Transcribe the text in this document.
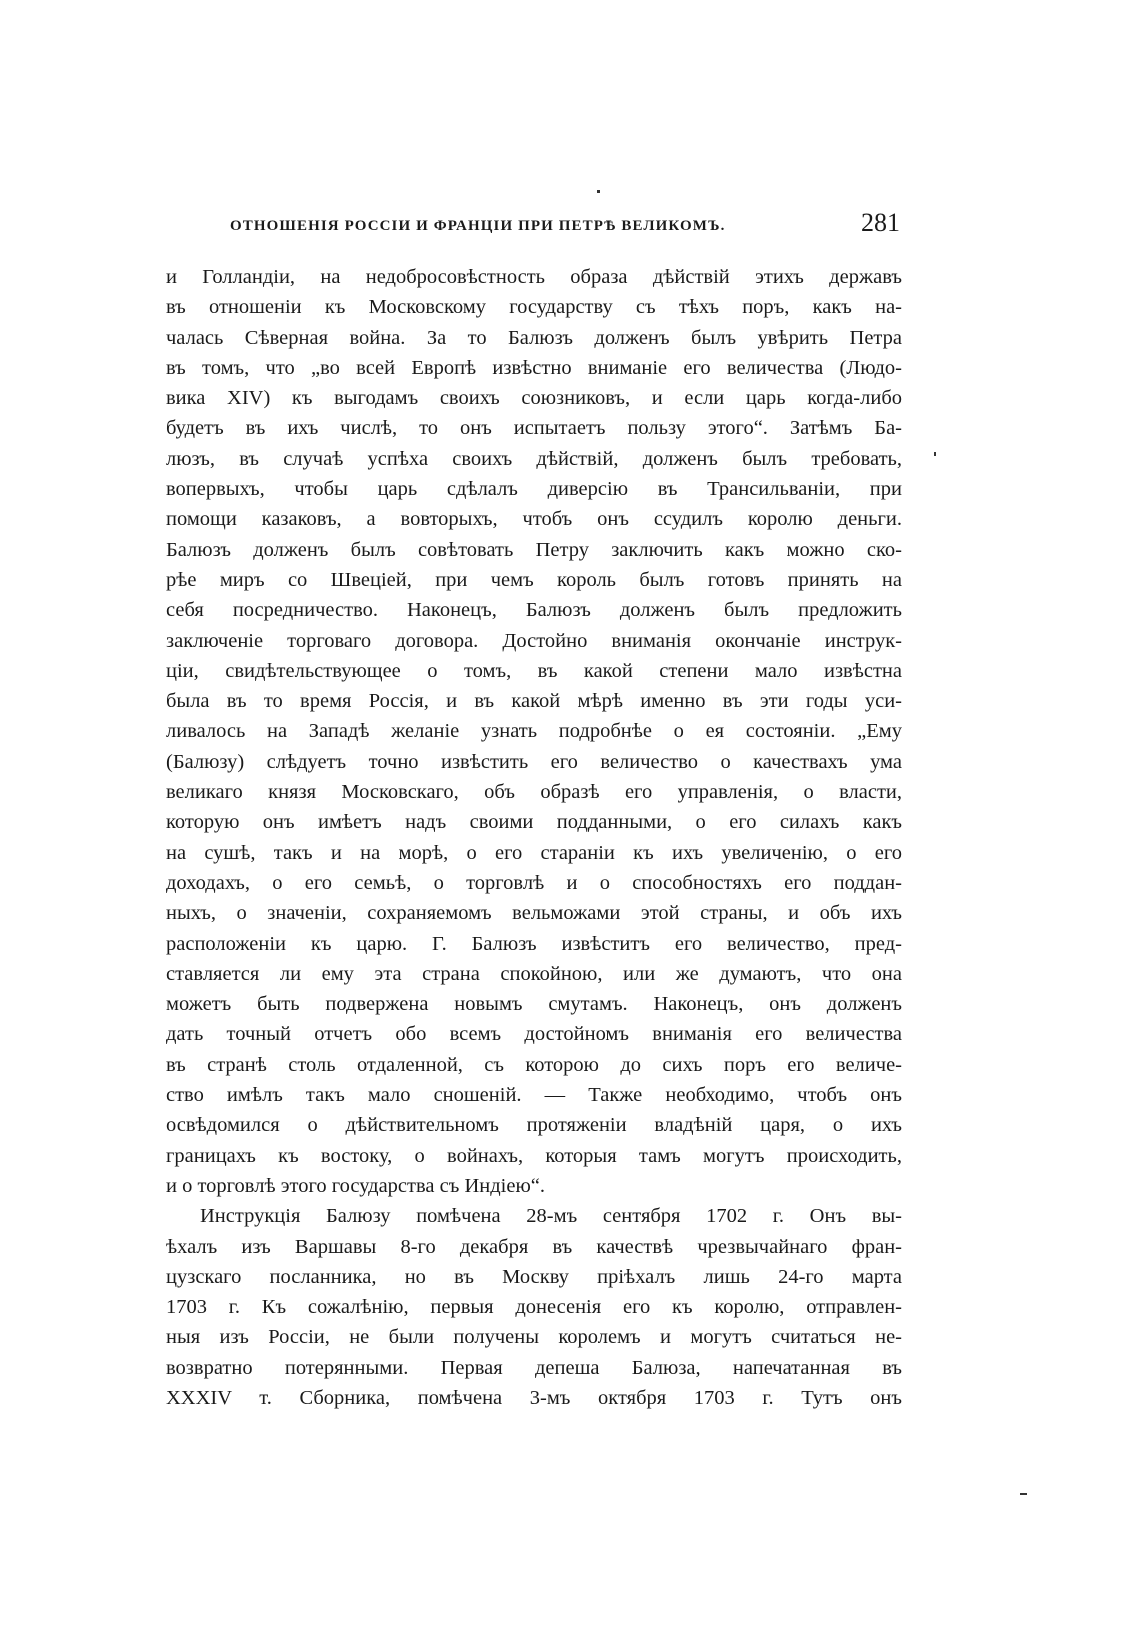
ОТНОШЕНІЯ РОССІИ И ФРАНЦІИ ПРИ ПЕТРѢ ВЕЛИКОМЪ.	281
и Голландіи, на недобросовѣстность образа дѣйствій этихъ державъ
въ отношеніи къ Московскому государству съ тѣхъ поръ, какъ на-
чалась Сѣверная война. За то Балюзъ долженъ былъ увѣрить Петра
въ томъ, что „во всей Европѣ извѣстно вниманіе его величества (Людо-
вика XIV) къ выгодамъ своихъ союзниковъ, и если царь когда-либо
будетъ въ ихъ числѣ, то онъ испытаетъ пользу этого“. Затѣмъ Ба-
люзъ, въ случаѣ успѣха своихъ дѣйствій, долженъ былъ требовать,
вопервыхъ, чтобы царь сдѣлалъ диверсію въ Трансильваніи, при
помощи казаковъ, а вовторыхъ, чтобъ онъ ссудилъ королю деньги.
Балюзъ долженъ былъ совѣтовать Петру заключить какъ можно ско-
рѣе миръ со Швеціей, при чемъ король былъ готовъ принять на
себя посредничество. Наконецъ, Балюзъ долженъ былъ предложить
заключеніе торговаго договора. Достойно вниманія окончаніе инструк-
ціи, свидѣтельствующее о томъ, въ какой степени мало извѣстна
была въ то время Россія, и въ какой мѣрѣ именно въ эти годы уси-
ливалось на Западѣ желаніе узнать подробнѣе о ея состояніи. „Ему
(Балюзу) слѣдуетъ точно извѣстить его величество о качествахъ ума
великаго князя Московскаго, объ образѣ его управленія, о власти,
которую онъ имѣетъ надъ своими подданными, о его силахъ какъ
на сушѣ, такъ и на морѣ, о его стараніи къ ихъ увеличенію, о его
доходахъ, о его семьѣ, о торговлѣ и о способностяхъ его поддан-
ныхъ, о значеніи, сохраняемомъ вельможами этой страны, и объ ихъ
расположеніи къ царю. Г. Балюзъ извѣститъ его величество, пред-
ставляется ли ему эта страна спокойною, или же думаютъ, что она
можетъ быть подвержена новымъ смутамъ. Наконецъ, онъ долженъ
дать точный отчетъ обо всемъ достойномъ вниманія его величества
въ странѣ столь отдаленной, съ которою до сихъ поръ его величе-
ство имѣлъ такъ мало сношеній. — Также необходимо, чтобъ онъ
освѣдомился о дѣйствительномъ протяженіи владѣній царя, о ихъ
границахъ къ востоку, о войнахъ, которыя тамъ могутъ происходить,
и о торговлѣ этого государства съ Индіею“.
Инструкція Балюзу помѣчена 28-мъ сентября 1702 г. Онъ вы-
ѣхалъ изъ Варшавы 8-го декабря въ качествѣ чрезвычайнаго фран-
цузскаго посланника, но въ Москву пріѣхалъ лишь 24-го марта
1703 г. Къ сожалѣнію, первыя донесенія его къ королю, отправлен-
ныя изъ Россіи, не были получены королемъ и могутъ считаться не-
возвратно потерянными. Первая депеша Балюза, напечатанная въ
XXXIV т. Сборника, помѣчена 3-мъ октября 1703 г. Тутъ онъ
